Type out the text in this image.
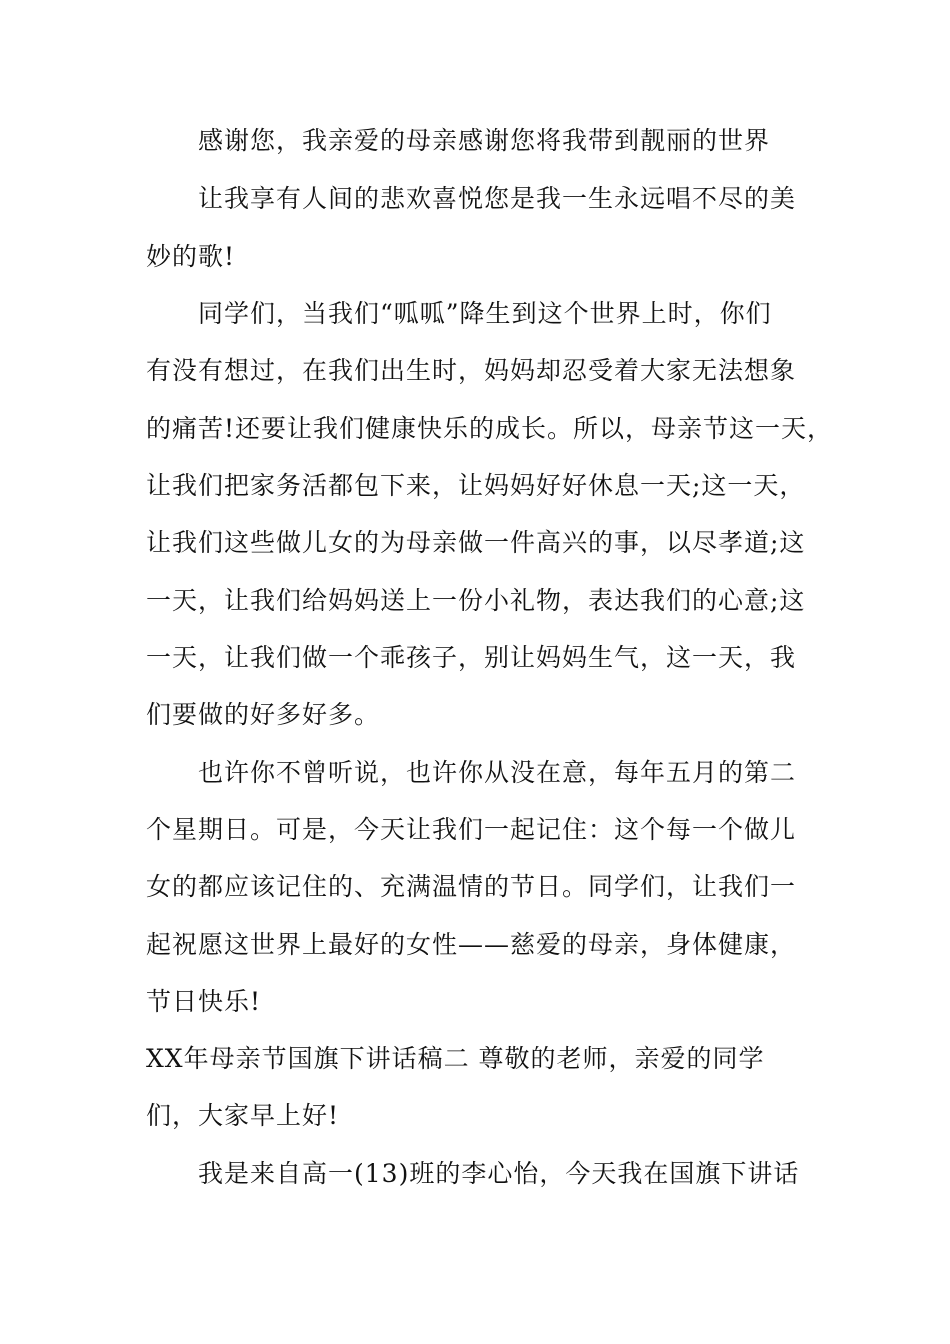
感谢您，我亲爱的母亲感谢您将我带到靓丽的世界
让我享有人间的悲欢喜悦您是我一生永远唱不尽的美
妙的歌!
同学们，当我们“呱呱”降生到这个世界上时，你们
有没有想过，在我们出生时，妈妈却忍受着大家无法想象
的痛苦!还要让我们健康快乐的成长。所以，母亲节这一天，
让我们把家务活都包下来，让妈妈好好休息一天;这一天，
让我们这些做儿女的为母亲做一件高兴的事，以尽孝道;这
一天，让我们给妈妈送上一份小礼物，表达我们的心意;这
一天，让我们做一个乖孩子，别让妈妈生气，这一天，我
们要做的好多好多。
也许你不曾听说，也许你从没在意，每年五月的第二
个星期日。可是，今天让我们一起记住：这个每一个做儿
女的都应该记住的、充满温情的节日。同学们，让我们一
起祝愿这世界上最好的女性——慈爱的母亲，身体健康，
节日快乐!
XX年母亲节国旗下讲话稿二 尊敬的老师，亲爱的同学
们，大家早上好!
我是来自高一(13)班的李心怡，今天我在国旗下讲话
